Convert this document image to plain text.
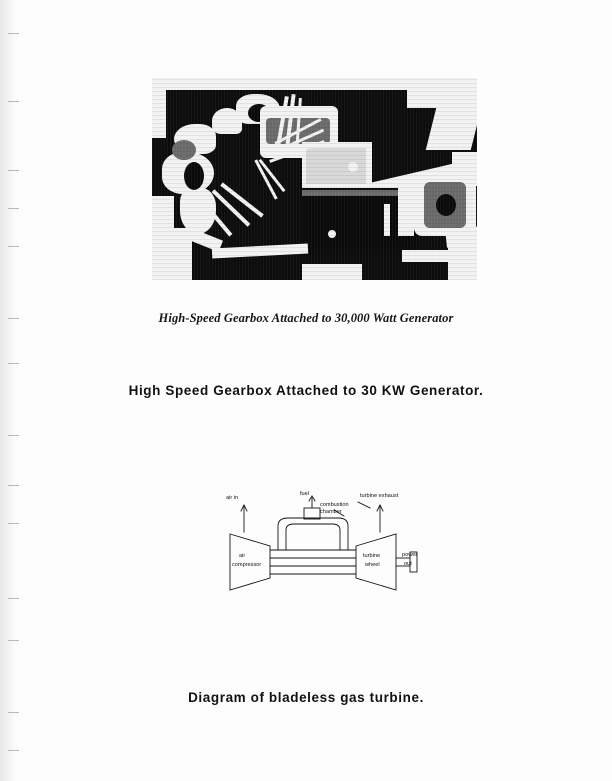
High-Speed Gearbox Attached to 30,000 Watt Generator
High Speed Gearbox Attached to 30 KW Generator.
air in
fuel
combustion
chamber
turbine exhaust
air
compressor
turbine
wheel
power
out
Diagram of bladeless gas turbine.
